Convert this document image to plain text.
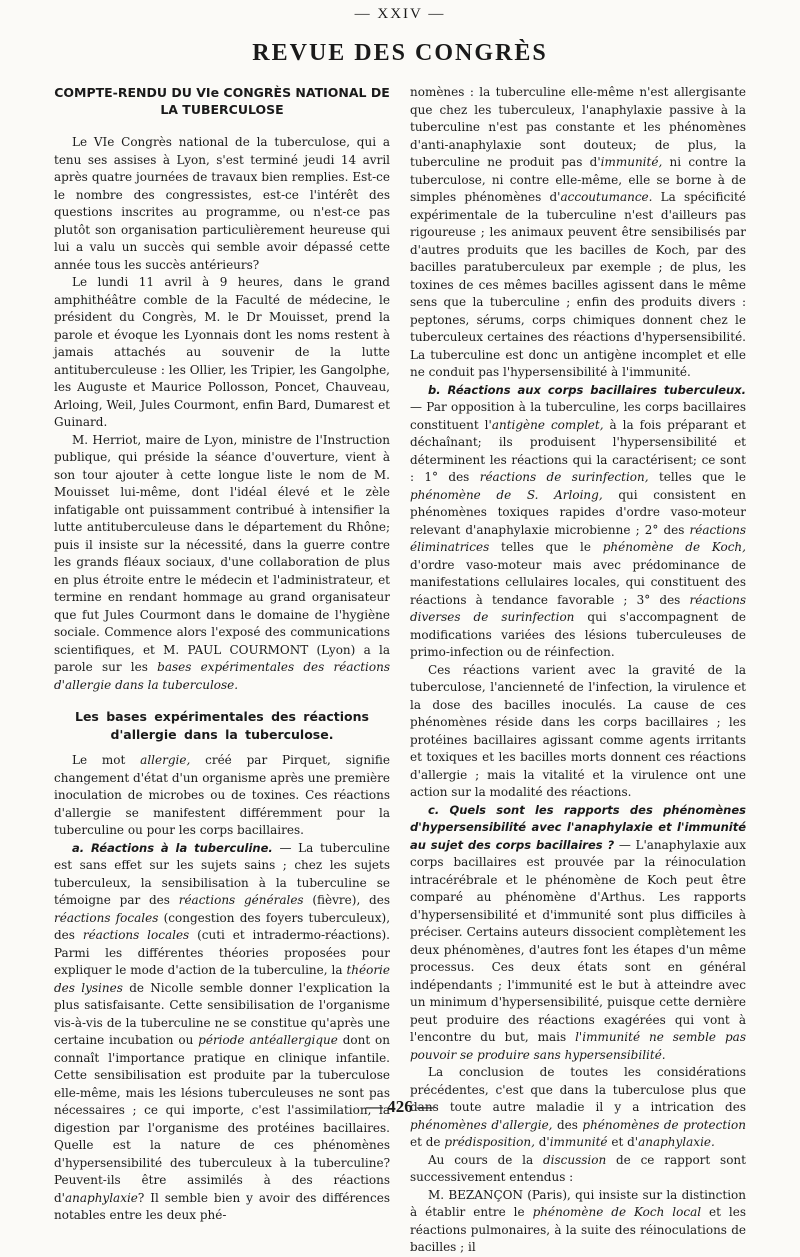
— XXIV —
REVUE DES CONGRÈS
COMPTE-RENDU DU VIe CONGRÈS NATIONAL DE LA TUBERCULOSE

Le VIe Congrès national de la tuberculose, qui a tenu ses assises à Lyon, s'est terminé jeudi 14 avril après quatre journées de travaux bien remplies. Est-ce le nombre des congressistes, est-ce l'intérêt des questions inscrites au programme, ou n'est-ce pas plutôt son organisation particulièrement heureuse qui lui a valu un succès qui semble avoir dépassé cette année tous les succès antérieurs?

Le lundi 11 avril à 9 heures, dans le grand amphithéâtre comble de la Faculté de médecine, le président du Congrès, M. le Dr Mouisset, prend la parole et évoque les Lyonnais dont les noms restent à jamais attachés au souvenir de la lutte antituberculeuse : les Ollier, les Tripier, les Gangolphe, les Auguste et Maurice Pollosson, Poncet, Chauveau, Arloing, Weil, Jules Courmont, enfin Bard, Dumarest et Guinard.

M. Herriot, maire de Lyon, ministre de l'Instruction publique, qui préside la séance d'ouverture, vient à son tour ajouter à cette longue liste le nom de M. Mouisset lui-même, dont l'idéal élevé et le zèle infatigable ont puissamment contribué à intensifier la lutte antituberculeuse dans le département du Rhône; puis il insiste sur la nécessité, dans la guerre contre les grands fléaux sociaux, d'une collaboration de plus en plus étroite entre le médecin et l'administrateur, et termine en rendant hommage au grand organisateur que fut Jules Courmont dans le domaine de l'hygiène sociale. Commence alors l'exposé des communications scientifiques, et M. PAUL COURMONT (Lyon) a la parole sur les bases expérimentales des réactions d'allergie dans la tuberculose.

Les bases expérimentales des réactions d'allergie dans la tuberculose.

Le mot allergie, créé par Pirquet, signifie changement d'état d'un organisme après une première inoculation de microbes ou de toxines. Ces réactions d'allergie se manifestent différemment pour la tuberculine ou pour les corps bacillaires.

a. Réactions à la tuberculine. — La tuberculine est sans effet sur les sujets sains ; chez les sujets tuberculeux, la sensibilisation à la tuberculine se témoigne par des réactions générales (fièvre), des réactions focales (congestion des foyers tuberculeux), des réactions locales (cuti et intradermo-réactions). Parmi les différentes théories proposées pour expliquer le mode d'action de la tuberculine, la théorie des lysines de Nicolle semble donner l'explication la plus satisfaisante. Cette sensibilisation de l'organisme vis-à-vis de la tuberculine ne se constitue qu'après une certaine incubation ou période antéallergique dont on connaît l'importance pratique en clinique infantile. Cette sensibilisation est produite par la tuberculose elle-même, mais les lésions tuberculeuses ne sont pas nécessaires ; ce qui importe, c'est l'assimilation, la digestion par l'organisme des protéines bacillaires. Quelle est la nature de ces phénomènes d'hypersensibilité des tuberculeux à la tuberculine? Peuvent-ils être assimilés à des réactions d'anaphylaxie? Il semble bien y avoir des différences notables entre les deux phé-

nomènes : la tuberculine elle-même n'est allergisante que chez les tuberculeux, l'anaphylaxie passive à la tuberculine n'est pas constante et les phénomènes d'anti-anaphylaxie sont douteux; de plus, la tuberculine ne produit pas d'immunité, ni contre la tuberculose, ni contre elle-même, elle se borne à de simples phénomènes d'accoutumance. La spécificité expérimentale de la tuberculine n'est d'ailleurs pas rigoureuse ; les animaux peuvent être sensibilisés par d'autres produits que les bacilles de Koch, par des bacilles paratuberculeux par exemple ; de plus, les toxines de ces mêmes bacilles agissent dans le même sens que la tuberculine ; enfin des produits divers : peptones, sérums, corps chimiques donnent chez le tuberculeux certaines des réactions d'hypersensibilité. La tuberculine est donc un antigène incomplet et elle ne conduit pas l'hypersensibilité à l'immunité.

b. Réactions aux corps bacillaires tuberculeux. — Par opposition à la tuberculine, les corps bacillaires constituent l'antigène complet, à la fois préparant et déchaînant; ils produisent l'hypersensibilité et déterminent les réactions qui la caractérisent; ce sont : 1° des réactions de surinfection, telles que le phénomène de S. Arloing, qui consistent en phénomènes toxiques rapides d'ordre vaso-moteur relevant d'anaphylaxie microbienne ; 2° des réactions éliminatrices telles que le phénomène de Koch, d'ordre vaso-moteur mais avec prédominance de manifestations cellulaires locales, qui constituent des réactions à tendance favorable ; 3° des réactions diverses de surinfection qui s'accompagnent de modifications variées des lésions tuberculeuses de primo-infection ou de réinfection.

Ces réactions varient avec la gravité de la tuberculose, l'ancienneté de l'infection, la virulence et la dose des bacilles inoculés. La cause de ces phénomènes réside dans les corps bacillaires ; les protéines bacillaires agissant comme agents irritants et toxiques et les bacilles morts donnent ces réactions d'allergie ; mais la vitalité et la virulence ont une action sur la modalité des réactions.

c. Quels sont les rapports des phénomènes d'hypersensibilité avec l'anaphylaxie et l'immunité au sujet des corps bacillaires ? — L'anaphylaxie aux corps bacillaires est prouvée par la réinoculation intracérébrale et le phénomène de Koch peut être comparé au phénomène d'Arthus. Les rapports d'hypersensibilité et d'immunité sont plus difficiles à préciser. Certains auteurs dissocient complètement les deux phénomènes, d'autres font les étapes d'un même processus. Ces deux états sont en général indépendants ; l'immunité est le but à atteindre avec un minimum d'hypersensibilité, puisque cette dernière peut produire des réactions exagérées qui vont à l'encontre du but, mais l'immunité ne semble pas pouvoir se produire sans hypersensibilité.

La conclusion de toutes les considérations précédentes, c'est que dans la tuberculose plus que dans toute autre maladie il y a intrication des phénomènes d'allergie, des phénomènes de protection et de prédisposition, d'immunité et d'anaphylaxie.

Au cours de la discussion de ce rapport sont successivement entendus :

M. BEZANÇON (Paris), qui insiste sur la distinction à établir entre le phénomène de Koch local et les réactions pulmonaires, à la suite des réinoculations de bacilles ; il

— 426 —
